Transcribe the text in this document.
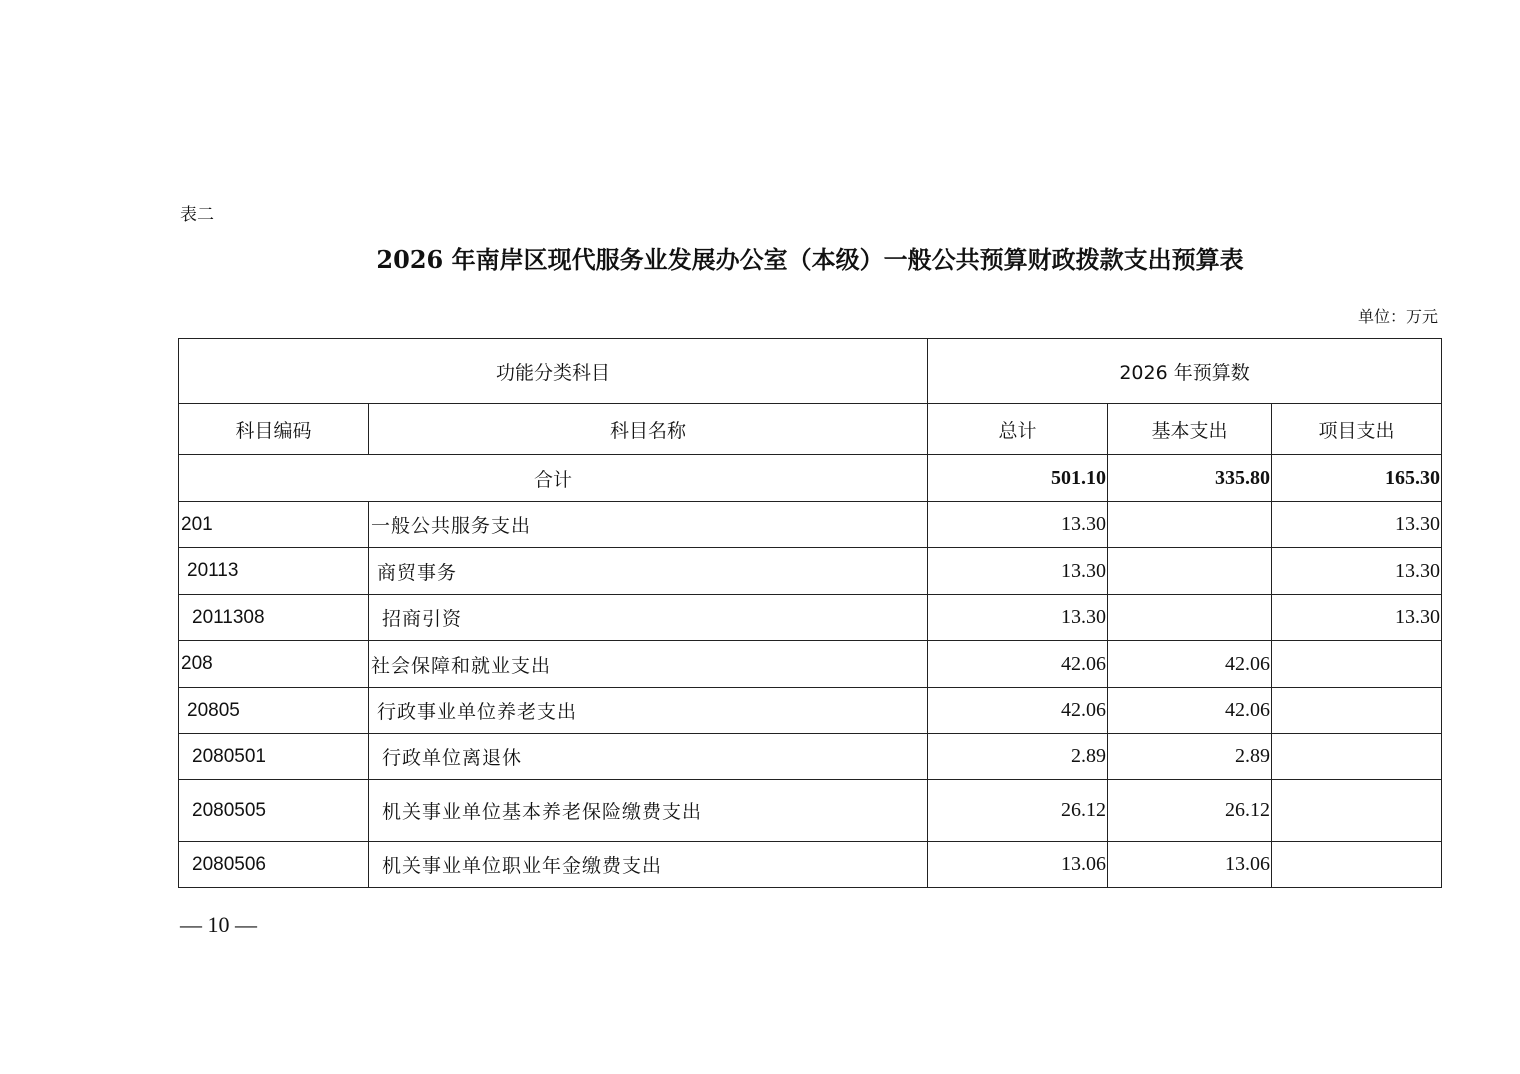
表二
2026 年南岸区现代服务业发展办公室（本级）一般公共预算财政拨款支出预算表
单位：万元
功能分类科目		2026 年预算数		
科目编码	科目名称	总计	基本支出	项目支出
合计		501.10	335.80	165.30
201	一般公共服务支出	13.30		13.30
20113	商贸事务	13.30		13.30
2011308	招商引资	13.30		13.30
208	社会保障和就业支出	42.06	42.06	
20805	行政事业单位养老支出	42.06	42.06	
2080501	行政单位离退休	2.89	2.89	
2080505	机关事业单位基本养老保险缴费支出	26.12	26.12	
2080506	机关事业单位职业年金缴费支出	13.06	13.06	
— 10 —
